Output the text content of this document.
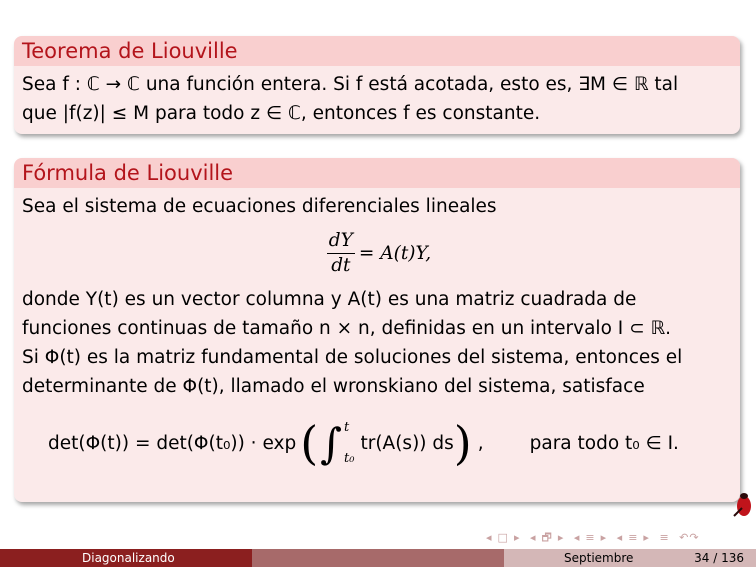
Teorema de Liouville
Sea f : ℂ → ℂ una función entera. Si f está acotada, esto es, ∃M ∈ ℝ tal
que |f(z)| ≤ M para todo z ∈ ℂ, entonces f es constante.
Fórmula de Liouville
Sea el sistema de ecuaciones diferenciales lineales
$\frac{dY}{dt} = A(t)Y$,
donde Y(t) es un vector columna y A(t) es una matriz cuadrada de
funciones continuas de tamaño n × n, definidas en un intervalo I ⊂ ℝ.
Si Φ(t) es la matriz fundamental de soluciones del sistema, entonces el
determinante de Φ(t), llamado el wronskiano del sistema, satisface
det(Φ(t)) = det(Φ(t₀)) · exp ( ∫ t
t₀
tr(A(s)) ds ) , para todo t₀ ∈ I.
◂ □ ▸ ◂ 🗗 ▸ ◂ ≡ ▸ ◂ ≡ ▸ ≡ ↶↷
Diagonalizando	Septiembre	34 / 136
